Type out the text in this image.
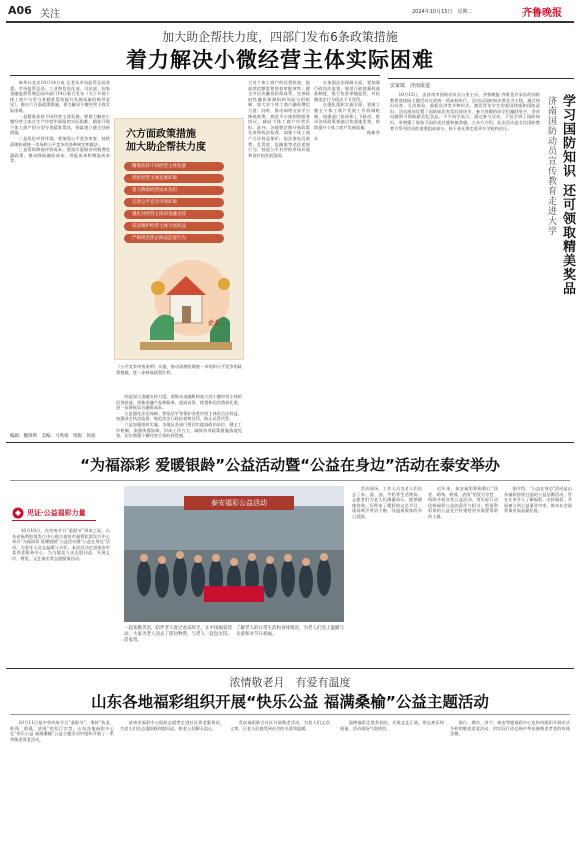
A06 关注	2024年10月15日　星期二	齐鲁晚报
加大助企帮扶力度，四部门发布6条政策措施
着力解决小微经营主体实际困难
　　新华社北京10月14日电 记者从市场监管总局获悉，市场监管总局、工业和信息化部、司法部、国家金融监督管理总局四部门14日联合发布《关于开展个体工商户分型分类精准帮扶提升发展质量的指导意见》，推出六方面政策措施，着力解决小微经营主体实际困难。
　　一是精准扶持不同经营主体发展。要着力解决小微经营主体在生产经营中面临的实际困难，精准开展个体工商户的分型分类精准帮扶，探索建立健全扶持措施。
　　二是优化经营环境。要加强公平竞争审查，持续清理妨碍统一市场和公平竞争的各种规定和做法。
　　三是帮助降低经营成本。要落实落细各项税费优惠政策，推动降低融资成本、用能成本和物流成本等。
六方面政策措施
加大助企帮扶力度
精准扶持不同经营主体发展
优化经营主体发展环境
着力降低经营成本负担
完善公平竞争市场环境
强化对经营主体的金融支持
依法维护经营主体合法权益
严格规范涉企执法监督行为
企业
《公平竞争审查条例》实施，推动清理妨碍统一市场和公平竞争的政策措施，进一步释放政策红利。
　　四是加大金融支持力度。要推动金融机构加大对小微经营主体的信贷投放，创新金融产品和服务，提高首贷、续贷和信用贷款比重，进一步降低综合融资成本。
　　五是强化法治保障。要依法平等保护各类经营主体的合法权益，加强涉企执法监督，规范涉企行政检查和处罚，防止以罚代管。
　　六是加强组织实施。各地区各部门要切实提高政治站位，健全工作机制，加强统筹协调，形成工作合力，确保各项政策措施落地见效，切实增强小微经营主体的获得感。
大对个体工商户的信贷投放，提高授信额度和贷款审批效率；健全多层次融资担保体系，完善政府性融资担保机构风险分担机制，加大对个体工商户融资增信力度。同时，推动网络交易平台降低收费，规范平台规则和服务协议，减轻个体工商户经营负担。此外，各地要定期开展政策宣讲和执法检查，加强个体工商户合法权益保护，依法查处乱收费、乱罚款、乱摊派等违法违规行为，营造公平有序的市场环境和良好的发展氛围。
　　在加强法治保障方面，要加强行政执法监督，规范行政裁量权基准制度，推行包容审慎监管，对轻微违法行为依法不予处罚。
　　在强化组织实施方面，要建立健全个体工商户发展工作协调机制，加强部门协同和上下联动，推动各项政策措施尽快落地见效，持续提升个体工商户发展质量。
　　　　　　　　　　　　据新华社
编辑：魏锋利　美编：马秀娟　组版：侯波
安家镇　济南报道
　　10月15日，由济南市国防动员办公室主办、齐鲁晚报·齐鲁壹点承办的国防教育进校园主题活动在济南一所高校举行。活动以国防知识普及为主线，通过知识问答、互动体验、展板宣讲等多种形式，激发青年学生的爱国热情和国防意识。活动现场设置了国防知识有奖问答环节，参与答题的同学们踊跃举手，答对问题即可领取精美纪念品。不少同学表示，通过参与活动，不仅学到了国防知识，更增强了保家卫国的责任感和使命感。主办方介绍，此次活动是全民国防教育月系列活动的重要组成部分，接下来还将走进更多学校和社区。	学习国防知识 还可领取精美奖品
济南国防动员宣传教育走进大学
“为福添彩 爱暖银龄”公益活动暨“公益在身边”活动在泰安举办
见证·公益福彩力量
　　10月10日，在传统节日“重阳节”到来之际，山东省福利彩票发行中心联合泰安市福利彩票发行中心举办“为福添彩 爱暖银龄”公益活动暨“公益在身边”活动，为老年人送去温暖与关怀。本次活动走进泰安市某养老服务中心，为当地老人送去慰问品，开展义诊、理发、文艺演出等志愿服务活动。
泰安福彩公益活动
一起欢歌笑语，陪伴老人度过欢乐时光，在中国福彩活动，大家为老人送去了慰问物资，与老人一起包水饺、话家常。
了解老人的日常生活和身体情况，为老人们送上温暖与关爱和对节日祝福。
　　活动现场，工作人员为老人们送去了米、面、油、牛奶等生活物资。志愿者们为老人们测量血压、提供健康咨询，还带来了精彩的文艺节目，现场欢声笑语不断，洋溢着浓浓的节日氛围。
　　近年来，泰安福彩积极践行“扶老、助残、救孤、济困”的发行宗旨，持续开展各类公益活动，用实际行动诠释福彩公益的责任与担当，把福利彩票的公益光芒传递给更多需要帮助的人群。
　　据介绍，“公益在身边”活动是山东福彩持续打造的公益品牌活动，旨在让更多人了解福彩、支持福彩，共同参与到公益事业中来，推动社会福利事业高质量发展。
浓情敬老月　有爱有温度
山东各地福彩组织开展“快乐公益 福满桑榆”公益主题活动
　　10月11日是中华传统节日“重阳节”，秉持“扶老、助残、救孤、济困”的发行宗旨，山东各地福彩中心在“快乐公益 福满桑榆”公益主题活动中组织开展了一系列敬老爱老活动。
　　济南市福彩中心组织志愿者走进社区养老服务站，为老人们送去重阳糕和慰问品，陪老人们聊天谈心。
　　青岛福彩联合社区开展敬老活动，为老人们义诊、义剪，让老人们感受到社会的关爱和温暖。
　　淄博福彩走进养老院，开展文艺汇演，带去欢乐和祝福，活动现场气氛热烈。
　　烟台、潍坊、济宁、泰安等地福彩中心也纷纷组织开展形式多样的敬老爱老活动，用实际行动弘扬中华民族敬老孝老的传统美德。
